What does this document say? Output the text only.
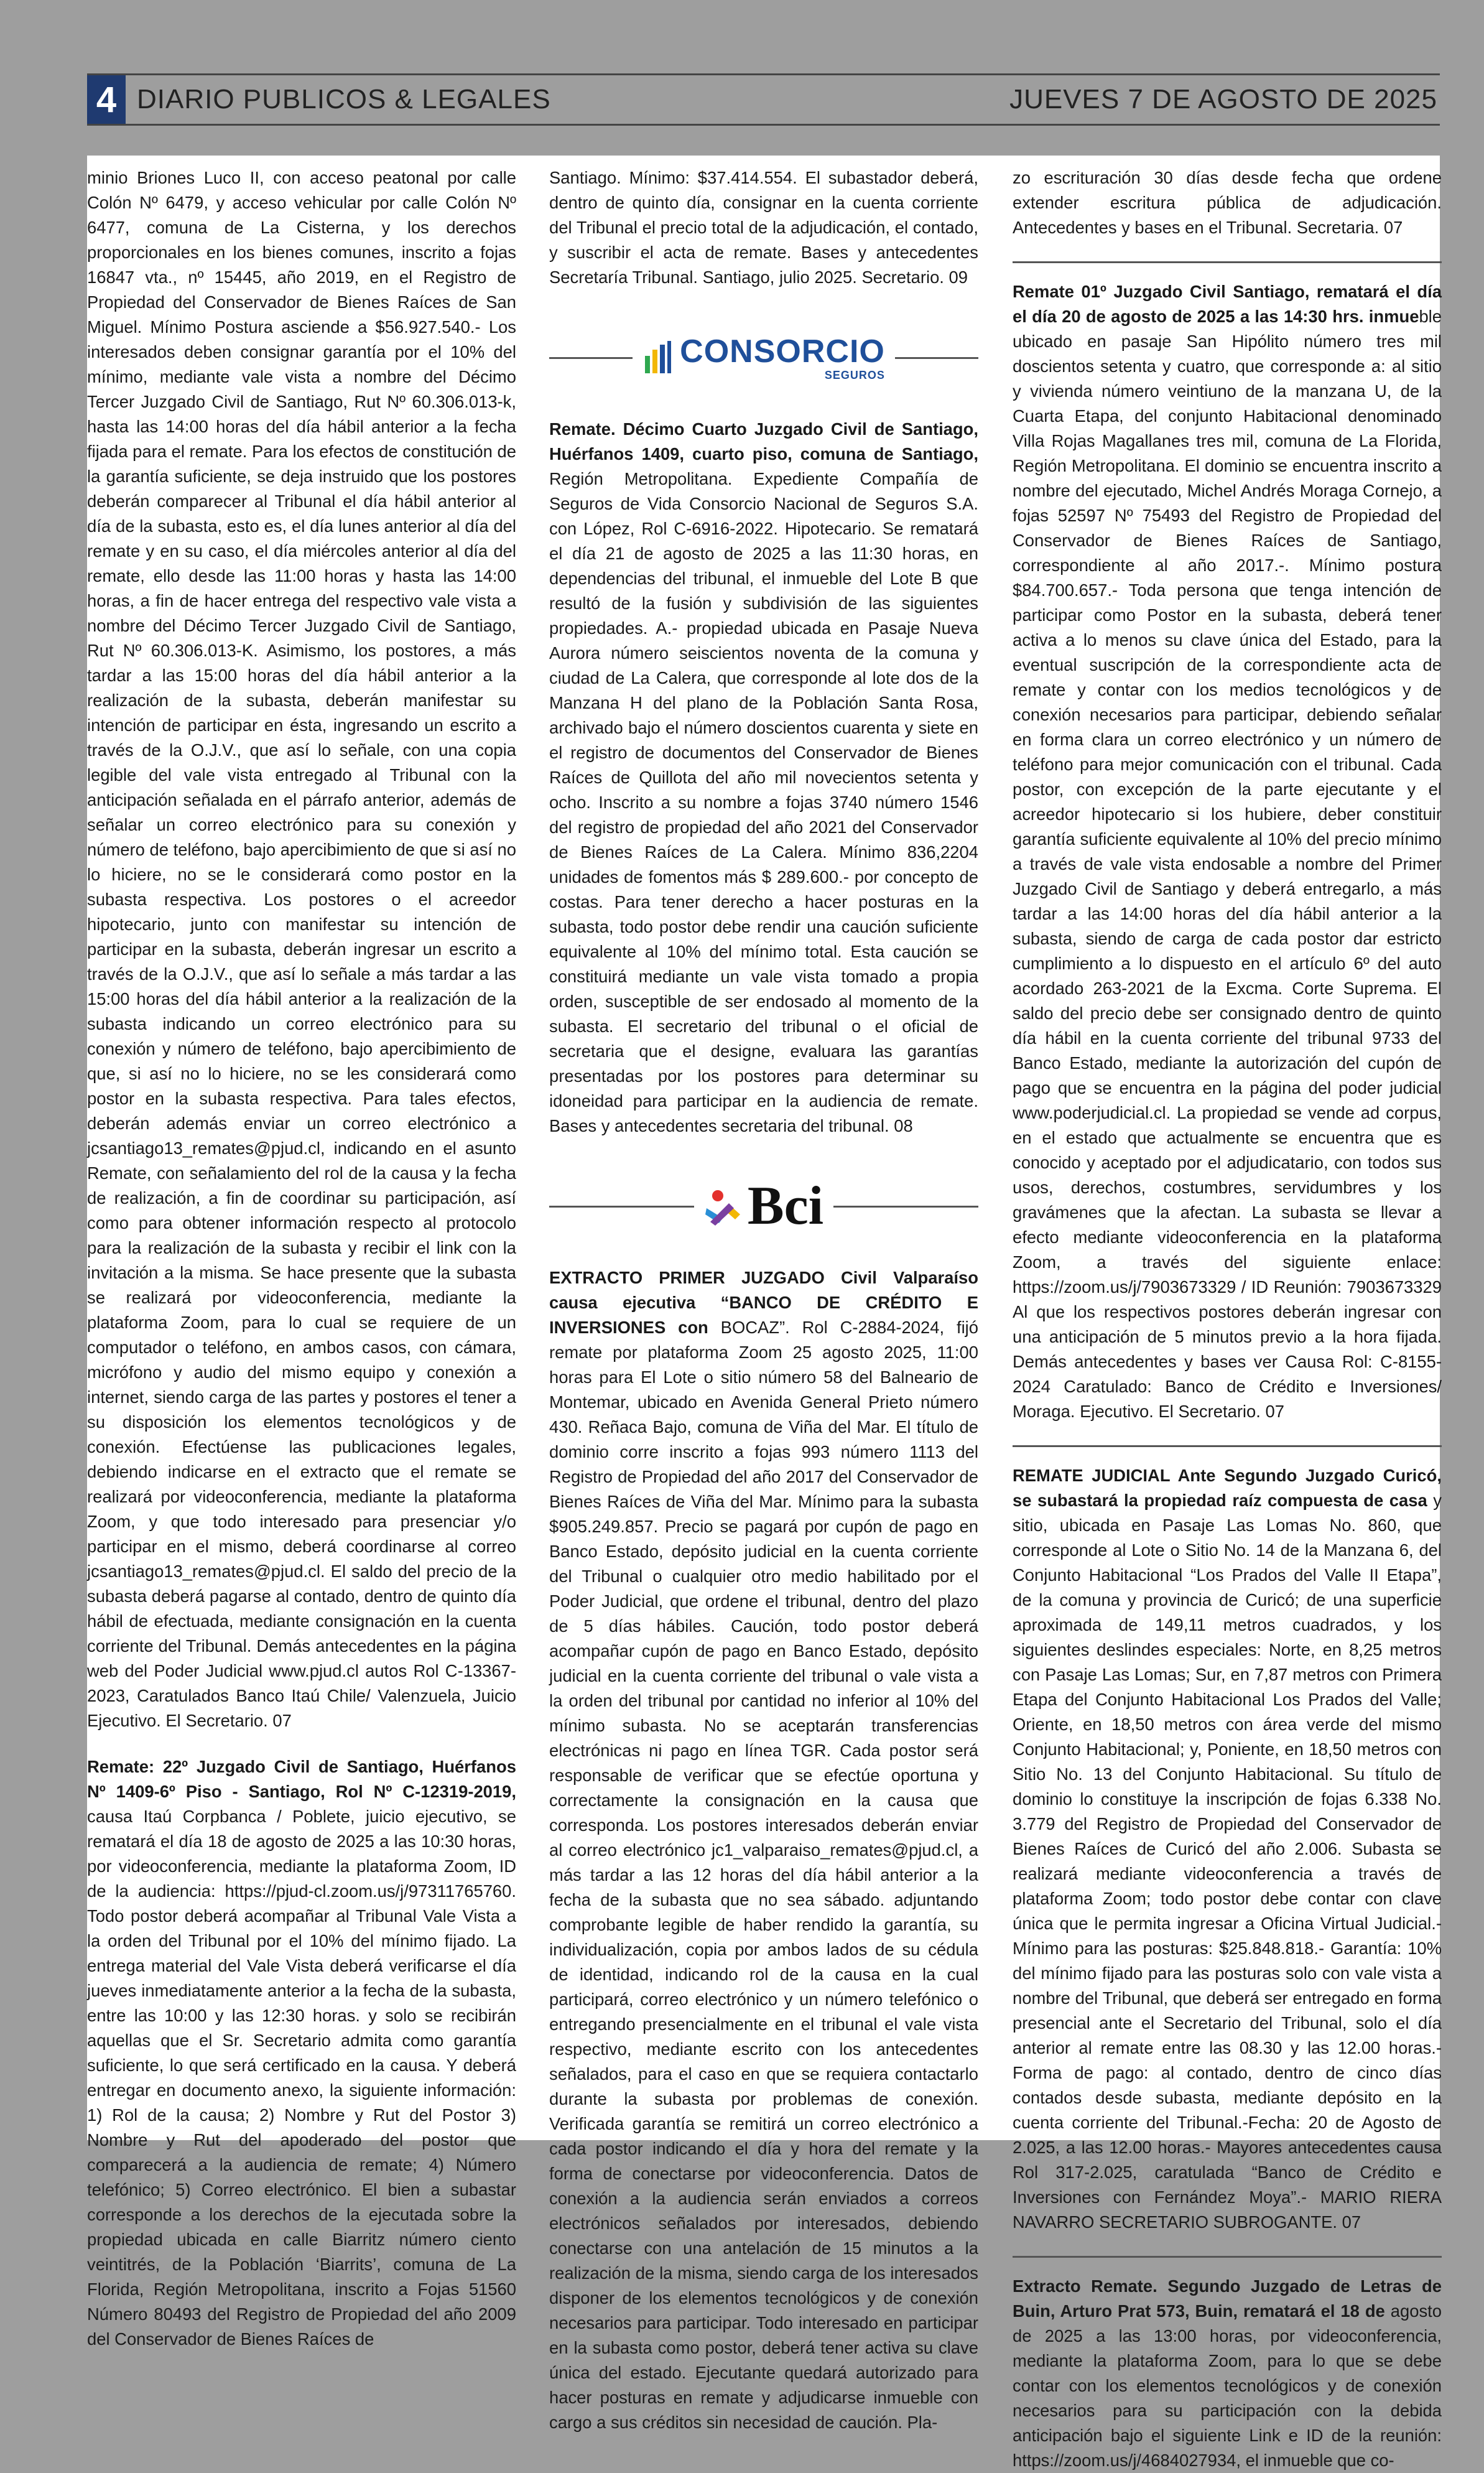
4 DIARIO PUBLICOS & LEGALES	JUEVES 7 DE AGOSTO DE 2025

minio Briones Luco II, con acceso peatonal por calle Colón Nº 6479, y acceso vehicular por calle Colón Nº 6477, comuna de La Cisterna, y los derechos proporcionales en los bienes comunes, inscrito a fojas 16847 vta., nº 15445, año 2019, en el Registro de Propiedad del Conservador de Bienes Raíces de San Miguel. Mínimo Postura asciende a $56.927.540.- Los interesados deben consignar garantía por el 10% del mínimo, mediante vale vista a nombre del Décimo Tercer Juzgado Civil de Santiago, Rut Nº 60.306.013-k, hasta las 14:00 horas del día hábil anterior a la fecha fijada para el remate. Para los efectos de constitución de la garantía suficiente, se deja instruido que los postores deberán comparecer al Tribunal el día hábil anterior al día de la subasta, esto es, el día lunes anterior al día del remate y en su caso, el día miércoles anterior al día del remate, ello desde las 11:00 horas y hasta las 14:00 horas, a fin de hacer entrega del respectivo vale vista a nombre del Décimo Tercer Juzgado Civil de Santiago, Rut Nº 60.306.013-K. Asimismo, los postores, a más tardar a las 15:00 horas del día hábil anterior a la realización de la subasta, deberán manifestar su intención de participar en ésta, ingresando un escrito a través de la O.J.V., que así lo señale, con una copia legible del vale vista entregado al Tribunal con la anticipación señalada en el párrafo anterior, además de señalar un correo electrónico para su conexión y número de teléfono, bajo apercibimiento de que si así no lo hiciere, no se le considerará como postor en la subasta respectiva. Los postores o el acreedor hipotecario, junto con manifestar su intención de participar en la subasta, deberán ingresar un escrito a través de la O.J.V., que así lo señale a más tardar a las 15:00 horas del día hábil anterior a la realización de la subasta indicando un correo electrónico para su conexión y número de teléfono, bajo apercibimiento de que, si así no lo hiciere, no se les considerará como postor en la subasta respectiva. Para tales efectos, deberán además enviar un correo electrónico a jcsantiago13_remates@pjud.cl, indicando en el asunto Remate, con señalamiento del rol de la causa y la fecha de realización, a fin de coordinar su participación, así como para obtener información respecto al protocolo para la realización de la subasta y recibir el link con la invitación a la misma. Se hace presente que la subasta se realizará por videoconferencia, mediante la plataforma Zoom, para lo cual se requiere de un computador o teléfono, en ambos casos, con cámara, micrófono y audio del mismo equipo y conexión a internet, siendo carga de las partes y postores el tener a su disposición los elementos tecnológicos y de conexión. Efectúense las publicaciones legales, debiendo indicarse en el extracto que el remate se realizará por videoconferencia, mediante la plataforma Zoom, y que todo interesado para presenciar y/o participar en el mismo, deberá coordinarse al correo jcsantiago13_remates@pjud.cl. El saldo del precio de la subasta deberá pagarse al contado, dentro de quinto día hábil de efectuada, mediante consignación en la cuenta corriente del Tribunal. Demás antecedentes en la página web del Poder Judicial www.pjud.cl autos Rol C-13367-2023, Caratulados Banco Itaú Chile/ Valenzuela, Juicio Ejecutivo. El Secretario. 07

Remate: 22º Juzgado Civil de Santiago, Huérfanos Nº 1409-6º Piso - Santiago, Rol Nº C-12319-2019, causa Itaú Corpbanca / Poblete, juicio ejecutivo, se rematará el día 18 de agosto de 2025 a las 10:30 horas, por videoconferencia, mediante la plataforma Zoom, ID de la audiencia: https://pjud-cl.zoom.us/j/97311765760. Todo postor deberá acompañar al Tribunal Vale Vista a la orden del Tribunal por el 10% del mínimo fijado. La entrega material del Vale Vista deberá verificarse el día jueves inmediatamente anterior a la fecha de la subasta, entre las 10:00 y las 12:30 horas. y solo se recibirán aquellas que el Sr. Secretario admita como garantía suficiente, lo que será certificado en la causa. Y deberá entregar en documento anexo, la siguiente información: 1) Rol de la causa; 2) Nombre y Rut del Postor 3) Nombre y Rut del apoderado del postor que comparecerá a la audiencia de remate; 4) Número telefónico; 5) Correo electrónico. El bien a subastar corresponde a los derechos de la ejecutada sobre la propiedad ubicada en calle Biarritz número ciento veintitrés, de la Población ‘Biarrits’, comuna de La Florida, Región Metropolitana, inscrito a Fojas 51560 Número 80493 del Registro de Propiedad del año 2009 del Conservador de Bienes Raíces de

Santiago. Mínimo: $37.414.554. El subastador deberá, dentro de quinto día, consignar en la cuenta corriente del Tribunal el precio total de la adjudicación, el contado, y suscribir el acta de remate. Bases y antecedentes Secretaría Tribunal. Santiago, julio 2025. Secretario. 09

CONSORCIO
SEGUROS

Remate. Décimo Cuarto Juzgado Civil de Santiago, Huérfanos 1409, cuarto piso, comuna de Santiago, Región Metropolitana. Expediente Compañía de Seguros de Vida Consorcio Nacional de Seguros S.A. con López, Rol C-6916-2022. Hipotecario. Se rematará el día 21 de agosto de 2025 a las 11:30 horas, en dependencias del tribunal, el inmueble del Lote B que resultó de la fusión y subdivisión de las siguientes propiedades. A.- propiedad ubicada en Pasaje Nueva Aurora número seiscientos noventa de la comuna y ciudad de La Calera, que corresponde al lote dos de la Manzana H del plano de la Población Santa Rosa, archivado bajo el número doscientos cuarenta y siete en el registro de documentos del Conservador de Bienes Raíces de Quillota del año mil novecientos setenta y ocho. Inscrito a su nombre a fojas 3740 número 1546 del registro de propiedad del año 2021 del Conservador de Bienes Raíces de La Calera. Mínimo 836,2204 unidades de fomentos más $ 289.600.- por concepto de costas. Para tener derecho a hacer posturas en la subasta, todo postor debe rendir una caución suficiente equivalente al 10% del mínimo total. Esta caución se constituirá mediante un vale vista tomado a propia orden, susceptible de ser endosado al momento de la subasta. El secretario del tribunal o el oficial de secretaria que el designe, evaluara las garantías presentadas por los postores para determinar su idoneidad para participar en la audiencia de remate. Bases y antecedentes secretaria del tribunal. 08

Bci

EXTRACTO PRIMER JUZGADO Civil Valparaíso causa ejecutiva “BANCO DE CRÉDITO E INVERSIONES con BOCAZ”. Rol C-2884-2024, fijó remate por plataforma Zoom 25 agosto 2025, 11:00 horas para El Lote o sitio número 58 del Balneario de Montemar, ubicado en Avenida General Prieto número 430. Reñaca Bajo, comuna de Viña del Mar. El título de dominio corre inscrito a fojas 993 número 1113 del Registro de Propiedad del año 2017 del Conservador de Bienes Raíces de Viña del Mar. Mínimo para la subasta $905.249.857. Precio se pagará por cupón de pago en Banco Estado, depósito judicial en la cuenta corriente del Tribunal o cualquier otro medio habilitado por el Poder Judicial, que ordene el tribunal, dentro del plazo de 5 días hábiles. Caución, todo postor deberá acompañar cupón de pago en Banco Estado, depósito judicial en la cuenta corriente del tribunal o vale vista a la orden del tribunal por cantidad no inferior al 10% del mínimo subasta. No se aceptarán transferencias electrónicas ni pago en línea TGR. Cada postor será responsable de verificar que se efectúe oportuna y correctamente la consignación en la causa que corresponda. Los postores interesados deberán enviar al correo electrónico jc1_valparaiso_remates@pjud.cl, a más tardar a las 12 horas del día hábil anterior a la fecha de la subasta que no sea sábado. adjuntando comprobante legible de haber rendido la garantía, su individualización, copia por ambos lados de su cédula de identidad, indicando rol de la causa en la cual participará, correo electrónico y un número telefónico o entregando presencialmente en el tribunal el vale vista respectivo, mediante escrito con los antecedentes señalados, para el caso en que se requiera contactarlo durante la subasta por problemas de conexión. Verificada garantía se remitirá un correo electrónico a cada postor indicando el día y hora del remate y la forma de conectarse por videoconferencia. Datos de conexión a la audiencia serán enviados a correos electrónicos señalados por interesados, debiendo conectarse con una antelación de 15 minutos a la realización de la misma, siendo carga de los interesados disponer de los elementos tecnológicos y de conexión necesarios para participar. Todo interesado en participar en la subasta como postor, deberá tener activa su clave única del estado. Ejecutante quedará autorizado para hacer posturas en remate y adjudicarse inmueble con cargo a sus créditos sin necesidad de caución. Pla-

zo escrituración 30 días desde fecha que ordene extender escritura pública de adjudicación. Antecedentes y bases en el Tribunal. Secretaria. 07

Remate 01º Juzgado Civil Santiago, rematará el día el día 20 de agosto de 2025 a las 14:30 hrs. inmueble ubicado en pasaje San Hipólito número tres mil doscientos setenta y cuatro, que corresponde a: al sitio y vivienda número veintiuno de la manzana U, de la Cuarta Etapa, del conjunto Habitacional denominado Villa Rojas Magallanes tres mil, comuna de La Florida, Región Metropolitana. El dominio se encuentra inscrito a nombre del ejecutado, Michel Andrés Moraga Cornejo, a fojas 52597 Nº 75493 del Registro de Propiedad del Conservador de Bienes Raíces de Santiago, correspondiente al año 2017.-. Mínimo postura $84.700.657.- Toda persona que tenga intención de participar como Postor en la subasta, deberá tener activa a lo menos su clave única del Estado, para la eventual suscripción de la correspondiente acta de remate y contar con los medios tecnológicos y de conexión necesarios para participar, debiendo señalar en forma clara un correo electrónico y un número de teléfono para mejor comunicación con el tribunal. Cada postor, con excepción de la parte ejecutante y el acreedor hipotecario si los hubiere, deber constituir garantía suficiente equivalente al 10% del precio mínimo a través de vale vista endosable a nombre del Primer Juzgado Civil de Santiago y deberá entregarlo, a más tardar a las 14:00 horas del día hábil anterior a la subasta, siendo de carga de cada postor dar estricto cumplimiento a lo dispuesto en el artículo 6º del auto acordado 263-2021 de la Excma. Corte Suprema. El saldo del precio debe ser consignado dentro de quinto día hábil en la cuenta corriente del tribunal 9733 del Banco Estado, mediante la autorización del cupón de pago que se encuentra en la página del poder judicial www.poderjudicial.cl. La propiedad se vende ad corpus, en el estado que actualmente se encuentra que es conocido y aceptado por el adjudicatario, con todos sus usos, derechos, costumbres, servidumbres y los gravámenes que la afectan. La subasta se llevar a efecto mediante videoconferencia en la plataforma Zoom, a través del siguiente enlace: https://zoom.us/j/7903673329 / ID Reunión: 7903673329 Al que los respectivos postores deberán ingresar con una anticipación de 5 minutos previo a la hora fijada. Demás antecedentes y bases ver Causa Rol: C-8155-2024 Caratulado: Banco de Crédito e Inversiones/ Moraga. Ejecutivo. El Secretario. 07

REMATE JUDICIAL Ante Segundo Juzgado Curicó, se subastará la propiedad raíz compuesta de casa y sitio, ubicada en Pasaje Las Lomas No. 860, que corresponde al Lote o Sitio No. 14 de la Manzana 6, del Conjunto Habitacional “Los Prados del Valle II Etapa”, de la comuna y provincia de Curicó; de una superficie aproximada de 149,11 metros cuadrados, y los siguientes deslindes especiales: Norte, en 8,25 metros con Pasaje Las Lomas; Sur, en 7,87 metros con Primera Etapa del Conjunto Habitacional Los Prados del Valle; Oriente, en 18,50 metros con área verde del mismo Conjunto Habitacional; y, Poniente, en 18,50 metros con Sitio No. 13 del Conjunto Habitacional. Su título de dominio lo constituye la inscripción de fojas 6.338 No. 3.779 del Registro de Propiedad del Conservador de Bienes Raíces de Curicó del año 2.006. Subasta se realizará mediante videoconferencia a través de plataforma Zoom; todo postor debe contar con clave única que le permita ingresar a Oficina Virtual Judicial.- Mínimo para las posturas: $25.848.818.- Garantía: 10% del mínimo fijado para las posturas solo con vale vista a nombre del Tribunal, que deberá ser entregado en forma presencial ante el Secretario del Tribunal, solo el día anterior al remate entre las 08.30 y las 12.00 horas.- Forma de pago: al contado, dentro de cinco días contados desde subasta, mediante depósito en la cuenta corriente del Tribunal.-Fecha: 20 de Agosto de 2.025, a las 12.00 horas.- Mayores antecedentes causa Rol 317-2.025, caratulada “Banco de Crédito e Inversiones con Fernández Moya”.- MARIO RIERA NAVARRO SECRETARIO SUBROGANTE. 07

Extracto Remate. Segundo Juzgado de Letras de Buin, Arturo Prat 573, Buin, rematará el 18 de agosto de 2025 a las 13:00 horas, por videoconferencia, mediante la plataforma Zoom, para lo que se debe contar con los elementos tecnológicos y de conexión necesarios para su participación con la debida anticipación bajo el siguiente Link e ID de la reunión: https://zoom.us/j/4684027934, el inmueble que co-
